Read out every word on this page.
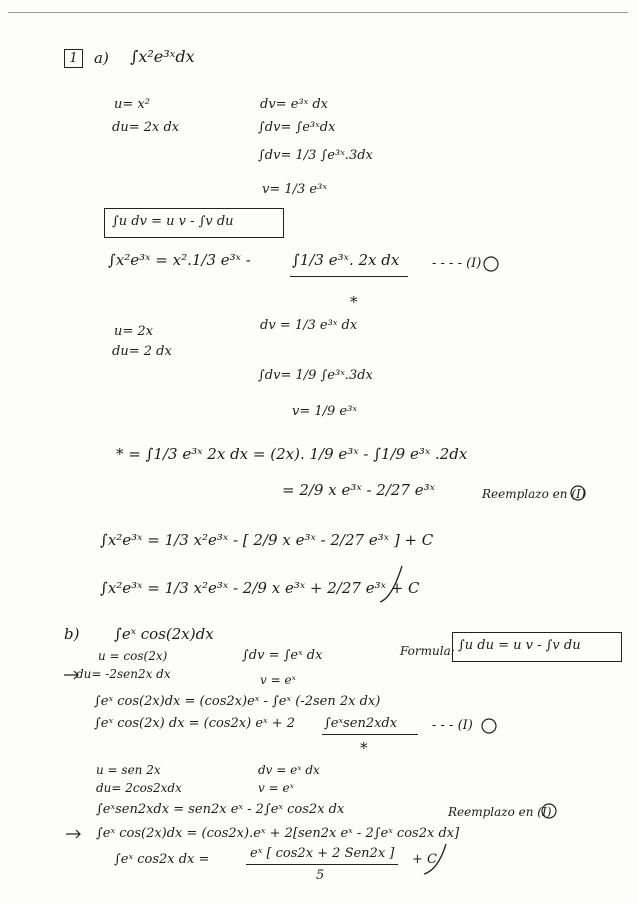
1	a) ∫x²e³ˣdx
u= x²
du= 2x dx
dv= e³ˣ dx
∫dv= ∫e³ˣdx
∫dv= 1/3 ∫e³ˣ.3dx
v= 1/3 e³ˣ
∫u dv = u v - ∫v du
∫x²e³ˣ = x².1/3 e³ˣ -	∫1/3 e³ˣ. 2x dx	- - - - (I)
*
u= 2x
du= 2 dx
dv = 1/3 e³ˣ dx
∫dv= 1/9 ∫e³ˣ.3dx
v= 1/9 e³ˣ
* = ∫1/3 e³ˣ 2x dx = (2x). 1/9 e³ˣ - ∫1/9 e³ˣ .2dx
= 2/9 x e³ˣ - 2/27 e³ˣ	Reemplazo en (I)
∫x²e³ˣ = 1/3 x²e³ˣ - [ 2/9 x e³ˣ - 2/27 e³ˣ ] + C
∫x²e³ˣ = 1/3 x²e³ˣ - 2/9 x e³ˣ + 2/27 e³ˣ + C
b) ∫eˣ cos(2x)dx
u = cos(2x)
du= -2sen2x dx
∫dv = ∫eˣ dx
v = eˣ
Formula: ∫u du = u v - ∫v du
∫eˣ cos(2x)dx = (cos2x)eˣ - ∫eˣ (-2sen 2x dx)
∫eˣ cos(2x) dx = (cos2x) eˣ + 2 ∫eˣsen2xdx	- - - (I)
*
u = sen 2x
du= 2cos2xdx
dv = eˣ dx
v = eˣ
∫eˣsen2xdx = sen2x eˣ - 2∫eˣ cos2x dx	Reemplazo en (I)
∫eˣ cos(2x)dx = (cos2x).eˣ + 2[sen2x eˣ - 2∫eˣ cos2x dx]
∫eˣ cos2x dx =	eˣ [ cos2x + 2 Sen2x ]
5
+ C
